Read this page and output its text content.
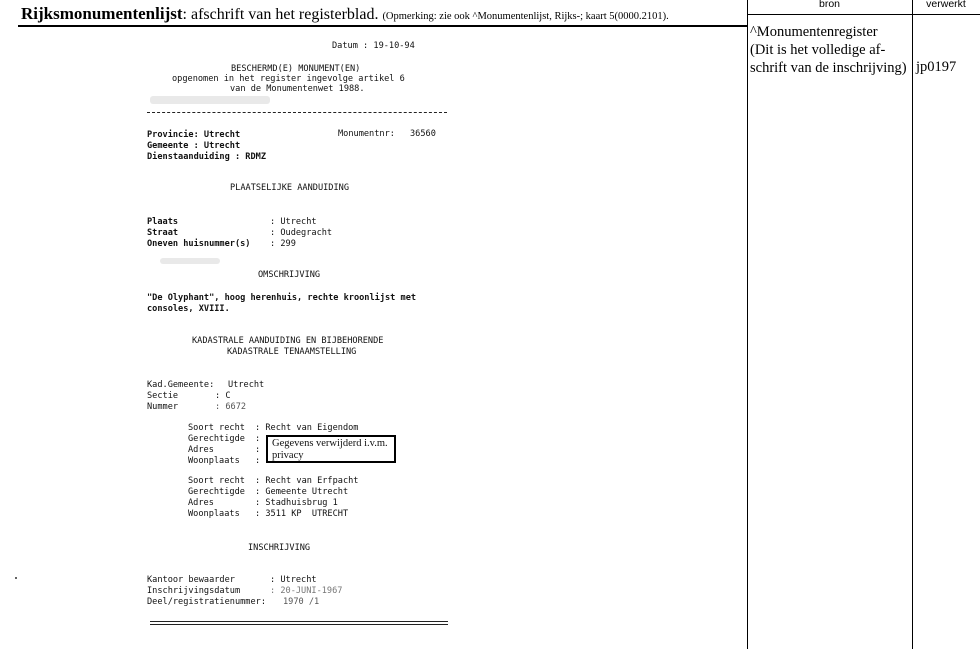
Rijksmonumentenlijst: afschrift van het registerblad. (Opmerking: zie ook ^Monumentenlijst, Rijks-; kaart 5(0000.2101).
bron	verwerkt
^Monumentenregister
(Dit is het volledige af-
schrift van de inschrijving) jp0197
Datum : 19-10-94
BESCHERMD(E) MONUMENT(EN)
opgenomen in het register ingevolge artikel 6
van de Monumentenwet 1988.
Provincie: Utrecht	Monumentnr: 36560
Gemeente : Utrecht
Dienstaanduiding : RDMZ
PLAATSELIJKE AANDUIDING
Plaats	: Utrecht
Straat	: Oudegracht
Oneven huisnummer(s) : 299
OMSCHRIJVING
"De Olyphant", hoog herenhuis, rechte kroonlijst met
consoles, XVIII.
KADASTRALE AANDUIDING EN BIJBEHORENDE
KADASTRALE TENAAMSTELLING
Kad.Gemeente: Utrecht
Sectie	: C
Nummer	: 6672
Soort recht : Recht van Eigendom
Gerechtigde :
Adres	:
Woonplaats :
Gegevens verwijderd i.v.m. privacy
Soort recht : Recht van Erfpacht
Gerechtigde : Gemeente Utrecht
Adres	: Stadhuisbrug 1
Woonplaats : 3511 KP  UTRECHT
INSCHRIJVING
Kantoor bewaarder	: Utrecht
Inschrijvingsdatum	: 20-JUNI-1967
Deel/registratienummer: 1970 /1
